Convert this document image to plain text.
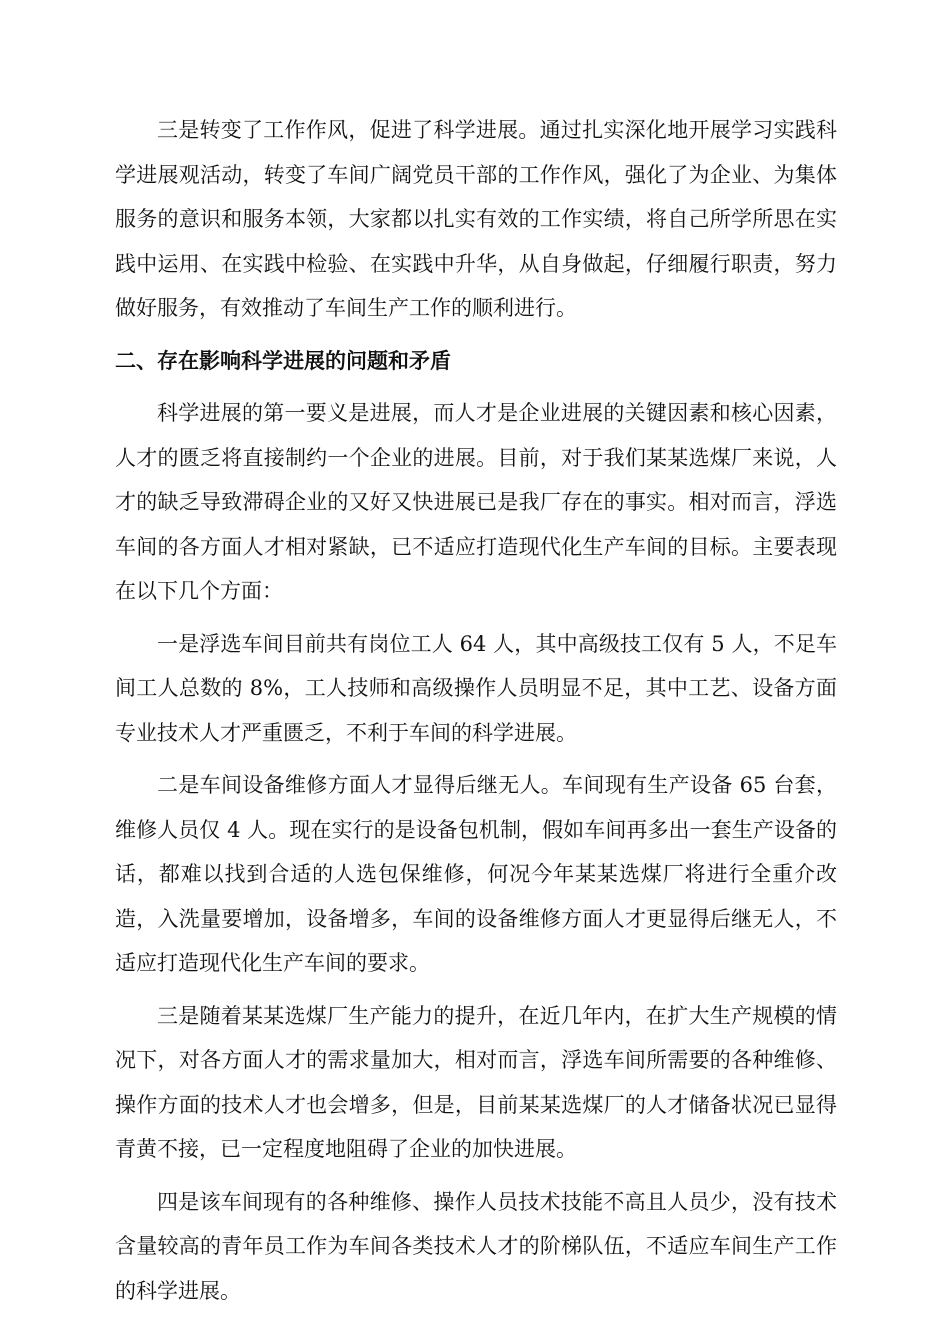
三是转变了工作作风，促进了科学进展。通过扎实深化地开展学习实践科学进展观活动，转变了车间广阔党员干部的工作作风，强化了为企业、为集体服务的意识和服务本领，大家都以扎实有效的工作实绩，将自己所学所思在实践中运用、在实践中检验、在实践中升华，从自身做起，仔细履行职责，努力做好服务，有效推动了车间生产工作的顺利进行。

二、存在影响科学进展的问题和矛盾

科学进展的第一要义是进展，而人才是企业进展的关键因素和核心因素，人才的匮乏将直接制约一个企业的进展。目前，对于我们某某选煤厂来说，人才的缺乏导致滞碍企业的又好又快进展已是我厂存在的事实。相对而言，浮选车间的各方面人才相对紧缺，已不适应打造现代化生产车间的目标。主要表现在以下几个方面：

一是浮选车间目前共有岗位工人 64 人，其中高级技工仅有 5 人，不足车间工人总数的 8%，工人技师和高级操作人员明显不足，其中工艺、设备方面专业技术人才严重匮乏，不利于车间的科学进展。

二是车间设备维修方面人才显得后继无人。车间现有生产设备 65 台套，维修人员仅 4 人。现在实行的是设备包机制，假如车间再多出一套生产设备的话，都难以找到合适的人选包保维修，何况今年某某选煤厂将进行全重介改造，入洗量要增加，设备增多，车间的设备维修方面人才更显得后继无人，不适应打造现代化生产车间的要求。

三是随着某某选煤厂生产能力的提升，在近几年内，在扩大生产规模的情况下，对各方面人才的需求量加大，相对而言，浮选车间所需要的各种维修、操作方面的技术人才也会增多，但是，目前某某选煤厂的人才储备状况已显得青黄不接，已一定程度地阻碍了企业的加快进展。

四是该车间现有的各种维修、操作人员技术技能不高且人员少，没有技术含量较高的青年员工作为车间各类技术人才的阶梯队伍，不适应车间生产工作的科学进展。
